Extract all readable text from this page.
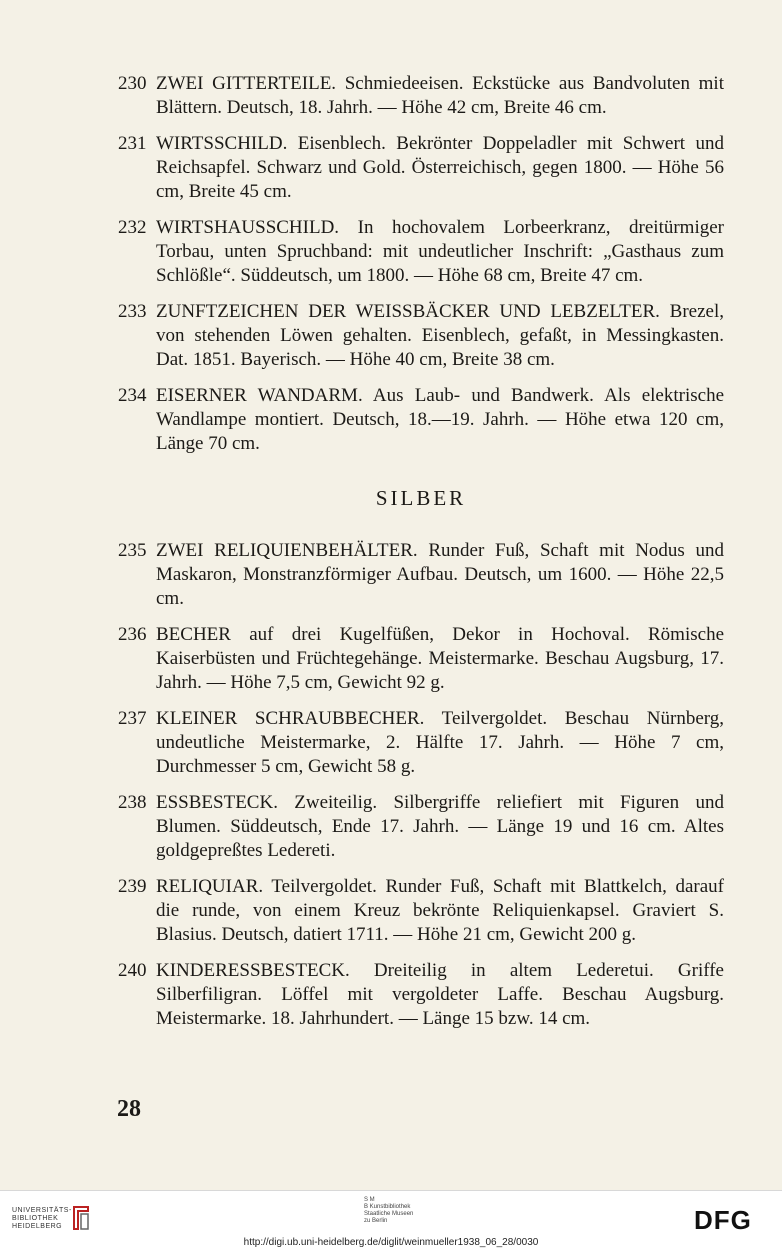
230 ZWEI GITTERTEILE. Schmiedeeisen. Eckstücke aus Bandvoluten mit Blättern. Deutsch, 18. Jahrh. — Höhe 42 cm, Breite 46 cm.
231 WIRTSSCHILD. Eisenblech. Bekrönter Doppeladler mit Schwert und Reichsapfel. Schwarz und Gold. Österreichisch, gegen 1800. — Höhe 56 cm, Breite 45 cm.
232 WIRTSHAUSSCHILD. In hochovalem Lorbeerkranz, dreitürmiger Torbau, unten Spruchband: mit undeutlicher Inschrift: „Gasthaus zum Schlößle“. Süddeutsch, um 1800. — Höhe 68 cm, Breite 47 cm.
233 ZUNFTZEICHEN DER WEISSBÄCKER UND LEBZELTER. Brezel, von stehenden Löwen gehalten. Eisenblech, gefaßt, in Messingkasten. Dat. 1851. Bayerisch. — Höhe 40 cm, Breite 38 cm.
234 EISERNER WANDARM. Aus Laub- und Bandwerk. Als elektrische Wandlampe montiert. Deutsch, 18.—19. Jahrh. — Höhe etwa 120 cm, Länge 70 cm.
SILBER
235 ZWEI RELIQUIENBEHÄLTER. Runder Fuß, Schaft mit Nodus und Maskaron, Monstranzförmiger Aufbau. Deutsch, um 1600. — Höhe 22,5 cm.
236 BECHER auf drei Kugelfüßen, Dekor in Hochoval. Römische Kaiserbüsten und Früchtegehänge. Meistermarke. Beschau Augsburg, 17. Jahrh. — Höhe 7,5 cm, Gewicht 92 g.
237 KLEINER SCHRAUBBECHER. Teilvergoldet. Beschau Nürnberg, undeutliche Meistermarke, 2. Hälfte 17. Jahrh. — Höhe 7 cm, Durchmesser 5 cm, Gewicht 58 g.
238 ESSBESTECK. Zweiteilig. Silbergriffe reliefiert mit Figuren und Blumen. Süddeutsch, Ende 17. Jahrh. — Länge 19 und 16 cm. Altes goldgepreßtes Ledereti.
239 RELIQUIAR. Teilvergoldet. Runder Fuß, Schaft mit Blattkelch, darauf die runde, von einem Kreuz bekrönte Reliquienkapsel. Graviert S. Blasius. Deutsch, datiert 1711. — Höhe 21 cm, Gewicht 200 g.
240 KINDERESSBESTECK. Dreiteilig in altem Lederetui. Griffe Silberfiligran. Löffel mit vergoldeter Laffe. Beschau Augsburg. Meistermarke. 18. Jahrhundert. — Länge 15 bzw. 14 cm.
28
UNIVERSITÄTS-
BIBLIOTHEK
HEIDELBERG
S M
B Kunstbibliothek
Staatliche Museen
zu Berlin
http://digi.ub.uni-heidelberg.de/diglit/weinmueller1938_06_28/0030
DFG
